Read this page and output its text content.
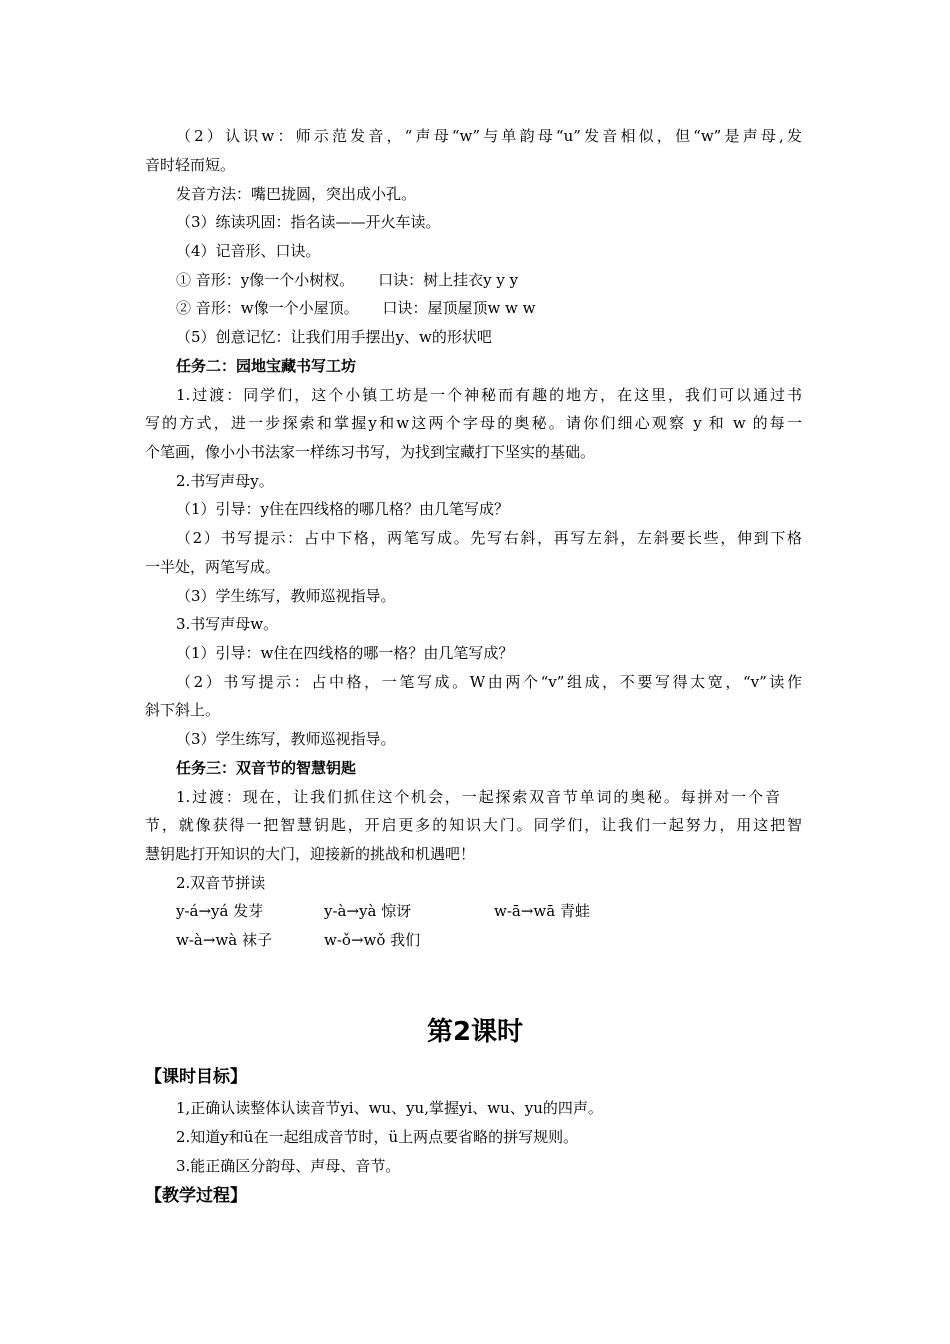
（2）认识w：师示范发音，“声母“w”与单韵母“u”发音相似，但“w”是声母,发
音时轻而短。
发音方法：嘴巴拢圆，突出成小孔。
（3）练读巩固：指名读——开火车读。
（4）记音形、口诀。
① 音形：y像一个小树杈。     口诀：树上挂衣y y y
② 音形：w像一个小屋顶。     口诀：屋顶屋顶w w w
（5）创意记忆：让我们用手摆出y、w的形状吧
任务二：园地宝藏书写工坊
1.过渡：同学们，这个小镇工坊是一个神秘而有趣的地方，在这里，我们可以通过书
写的方式，进一步探索和掌握y和w这两个字母的奥秘。请你们细心观察 y 和 w 的每一
个笔画，像小小书法家一样练习书写，为找到宝藏打下坚实的基础。
2.书写声母y。
（1）引导：y住在四线格的哪几格？由几笔写成？
（2）书写提示：占中下格，两笔写成。先写右斜，再写左斜，左斜要长些，伸到下格
一半处，两笔写成。
（3）学生练写，教师巡视指导。
3.书写声母w。
（1）引导：w住在四线格的哪一格？由几笔写成？
（2）书写提示：占中格，一笔写成。W由两个“v”组成，不要写得太宽，“v”读作
斜下斜上。
（3）学生练写，教师巡视指导。
任务三：双音节的智慧钥匙
1.过渡：现在，让我们抓住这个机会，一起探索双音节单词的奥秘。每拼对一个音
节，就像获得一把智慧钥匙，开启更多的知识大门。同学们，让我们一起努力，用这把智
慧钥匙打开知识的大门，迎接新的挑战和机遇吧！
2.双音节拼读
y-á→yá 发芽	y-à→yà 惊讶	w-ā→wā 青蛙
w-à→wà 袜子	w-ǒ→wǒ 我们
第2课时
【课时目标】
1,正确认读整体认读音节yi、wu、yu,掌握yi、wu、yu的四声。
2.知道y和ü在一起组成音节时，ü上两点要省略的拼写规则。
3.能正确区分韵母、声母、音节。
【教学过程】
